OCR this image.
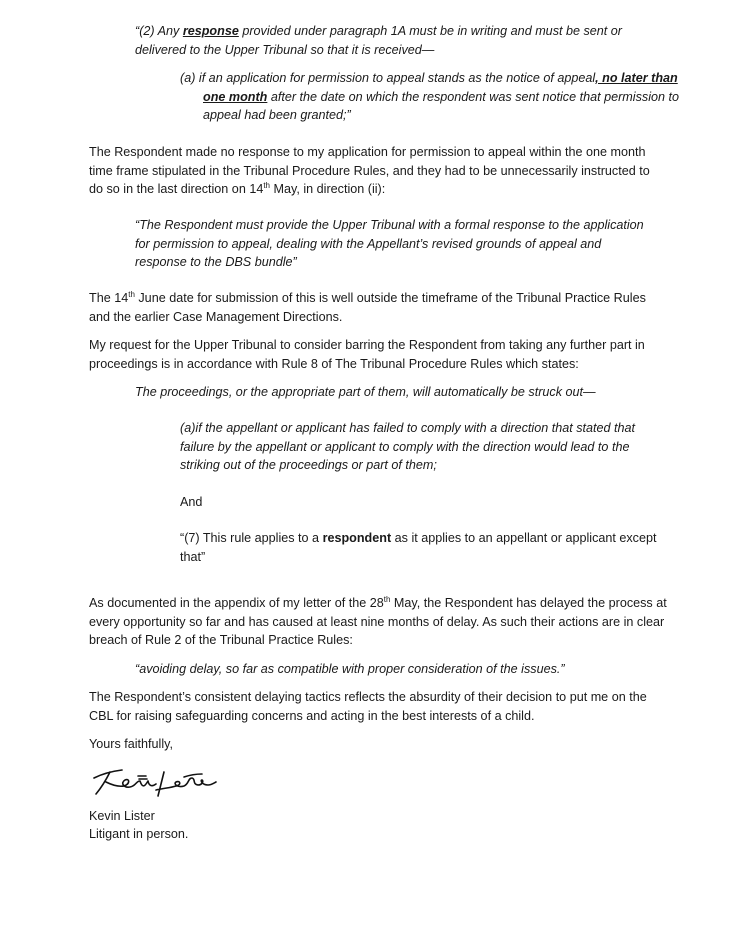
“(2) Any response provided under paragraph 1A must be in writing and must be sent or delivered to the Upper Tribunal so that it is received—

(a) if an application for permission to appeal stands as the notice of appeal, no later than one month after the date on which the respondent was sent notice that permission to appeal had been granted;”

The Respondent made no response to my application for permission to appeal within the one month time frame stipulated in the Tribunal Procedure Rules, and they had to be unnecessarily instructed to do so in the last direction on 14th May, in direction (ii):

“The Respondent must provide the Upper Tribunal with a formal response to the application for permission to appeal, dealing with the Appellant’s revised grounds of appeal and response to the DBS bundle”

The 14th June date for submission of this is well outside the timeframe of the Tribunal Practice Rules and the earlier Case Management Directions.

My request for the Upper Tribunal to consider barring the Respondent from taking any further part in proceedings is in accordance with Rule 8 of The Tribunal Procedure Rules which states:

The proceedings, or the appropriate part of them, will automatically be struck out—

(a)if the appellant or applicant has failed to comply with a direction that stated that failure by the appellant or applicant to comply with the direction would lead to the striking out of the proceedings or part of them;

And

“(7) This rule applies to a respondent as it applies to an appellant or applicant except that”

As documented in the appendix of my letter of the 28th May, the Respondent has delayed the process at every opportunity so far and has caused at least nine months of delay. As such their actions are in clear breach of Rule 2 of the Tribunal Practice Rules:

“avoiding delay, so far as compatible with proper consideration of the issues.”

The Respondent’s consistent delaying tactics reflects the absurdity of their decision to put me on the CBL for raising safeguarding concerns and acting in the best interests of a child.

Yours faithfully,

Kevin Lister

Litigant in person.
